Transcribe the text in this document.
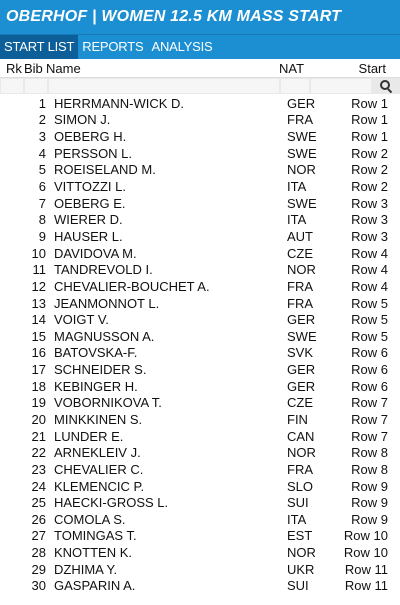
OBERHOF | WOMEN 12.5 KM MASS START
START LIST REPORTS ANALYSIS
Rk Bib Name	NAT	Start
1 HERRMANN-WICK D.	GER	Row 1
2 SIMON J.	FRA	Row 1
3 OEBERG H.	SWE	Row 1
4 PERSSON L.	SWE	Row 2
5 ROEISELAND M.	NOR	Row 2
6 VITTOZZI L.	ITA	Row 2
7 OEBERG E.	SWE	Row 3
8 WIERER D.	ITA	Row 3
9 HAUSER L.	AUT	Row 3
10 DAVIDOVA M.	CZE	Row 4
11 TANDREVOLD I.	NOR	Row 4
12 CHEVALIER-BOUCHET A.	FRA	Row 4
13 JEANMONNOT L.	FRA	Row 5
14 VOIGT V.	GER	Row 5
15 MAGNUSSON A.	SWE	Row 5
16 BATOVSKA-F.	SVK	Row 6
17 SCHNEIDER S.	GER	Row 6
18 KEBINGER H.	GER	Row 6
19 VOBORNIKOVA T.	CZE	Row 7
20 MINKKINEN S.	FIN	Row 7
21 LUNDER E.	CAN	Row 7
22 ARNEKLEIV J.	NOR	Row 8
23 CHEVALIER C.	FRA	Row 8
24 KLEMENCIC P.	SLO	Row 9
25 HAECKI-GROSS L.	SUI	Row 9
26 COMOLA S.	ITA	Row 9
27 TOMINGAS T.	EST	Row 10
28 KNOTTEN K.	NOR	Row 10
29 DZHIMA Y.	UKR	Row 11
30 GASPARIN A.	SUI	Row 11
